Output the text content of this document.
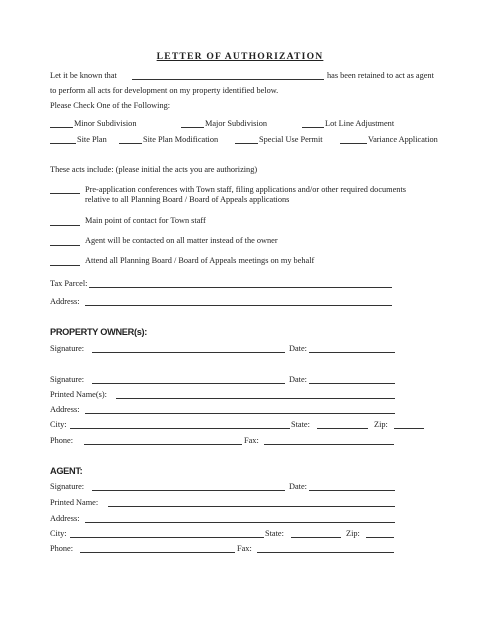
LETTER OF AUTHORIZATION
Let it be known that	has been retained to act as agent
to perform all acts for development on my property identified below.
Please Check One of the Following:
Minor Subdivision	Major Subdivision	Lot Line Adjustment
Site Plan	Site Plan Modification	Special Use Permit	Variance Application
These acts include: (please initial the acts you are authorizing)
Pre-application conferences with Town staff, filing applications and/or other required documents
relative to all Planning Board / Board of Appeals applications
Main point of contact for Town staff
Agent will be contacted on all matter instead of the owner
Attend all Planning Board / Board of Appeals meetings on my behalf
Tax Parcel:
Address:
PROPERTY OWNER(s):
Signature:	Date:
Signature:	Date:
Printed Name(s):
Address:
City:	State:	Zip:
Phone:	Fax:
AGENT:
Signature:	Date:
Printed Name:
Address:
City:	State:	Zip:
Phone:	Fax:
